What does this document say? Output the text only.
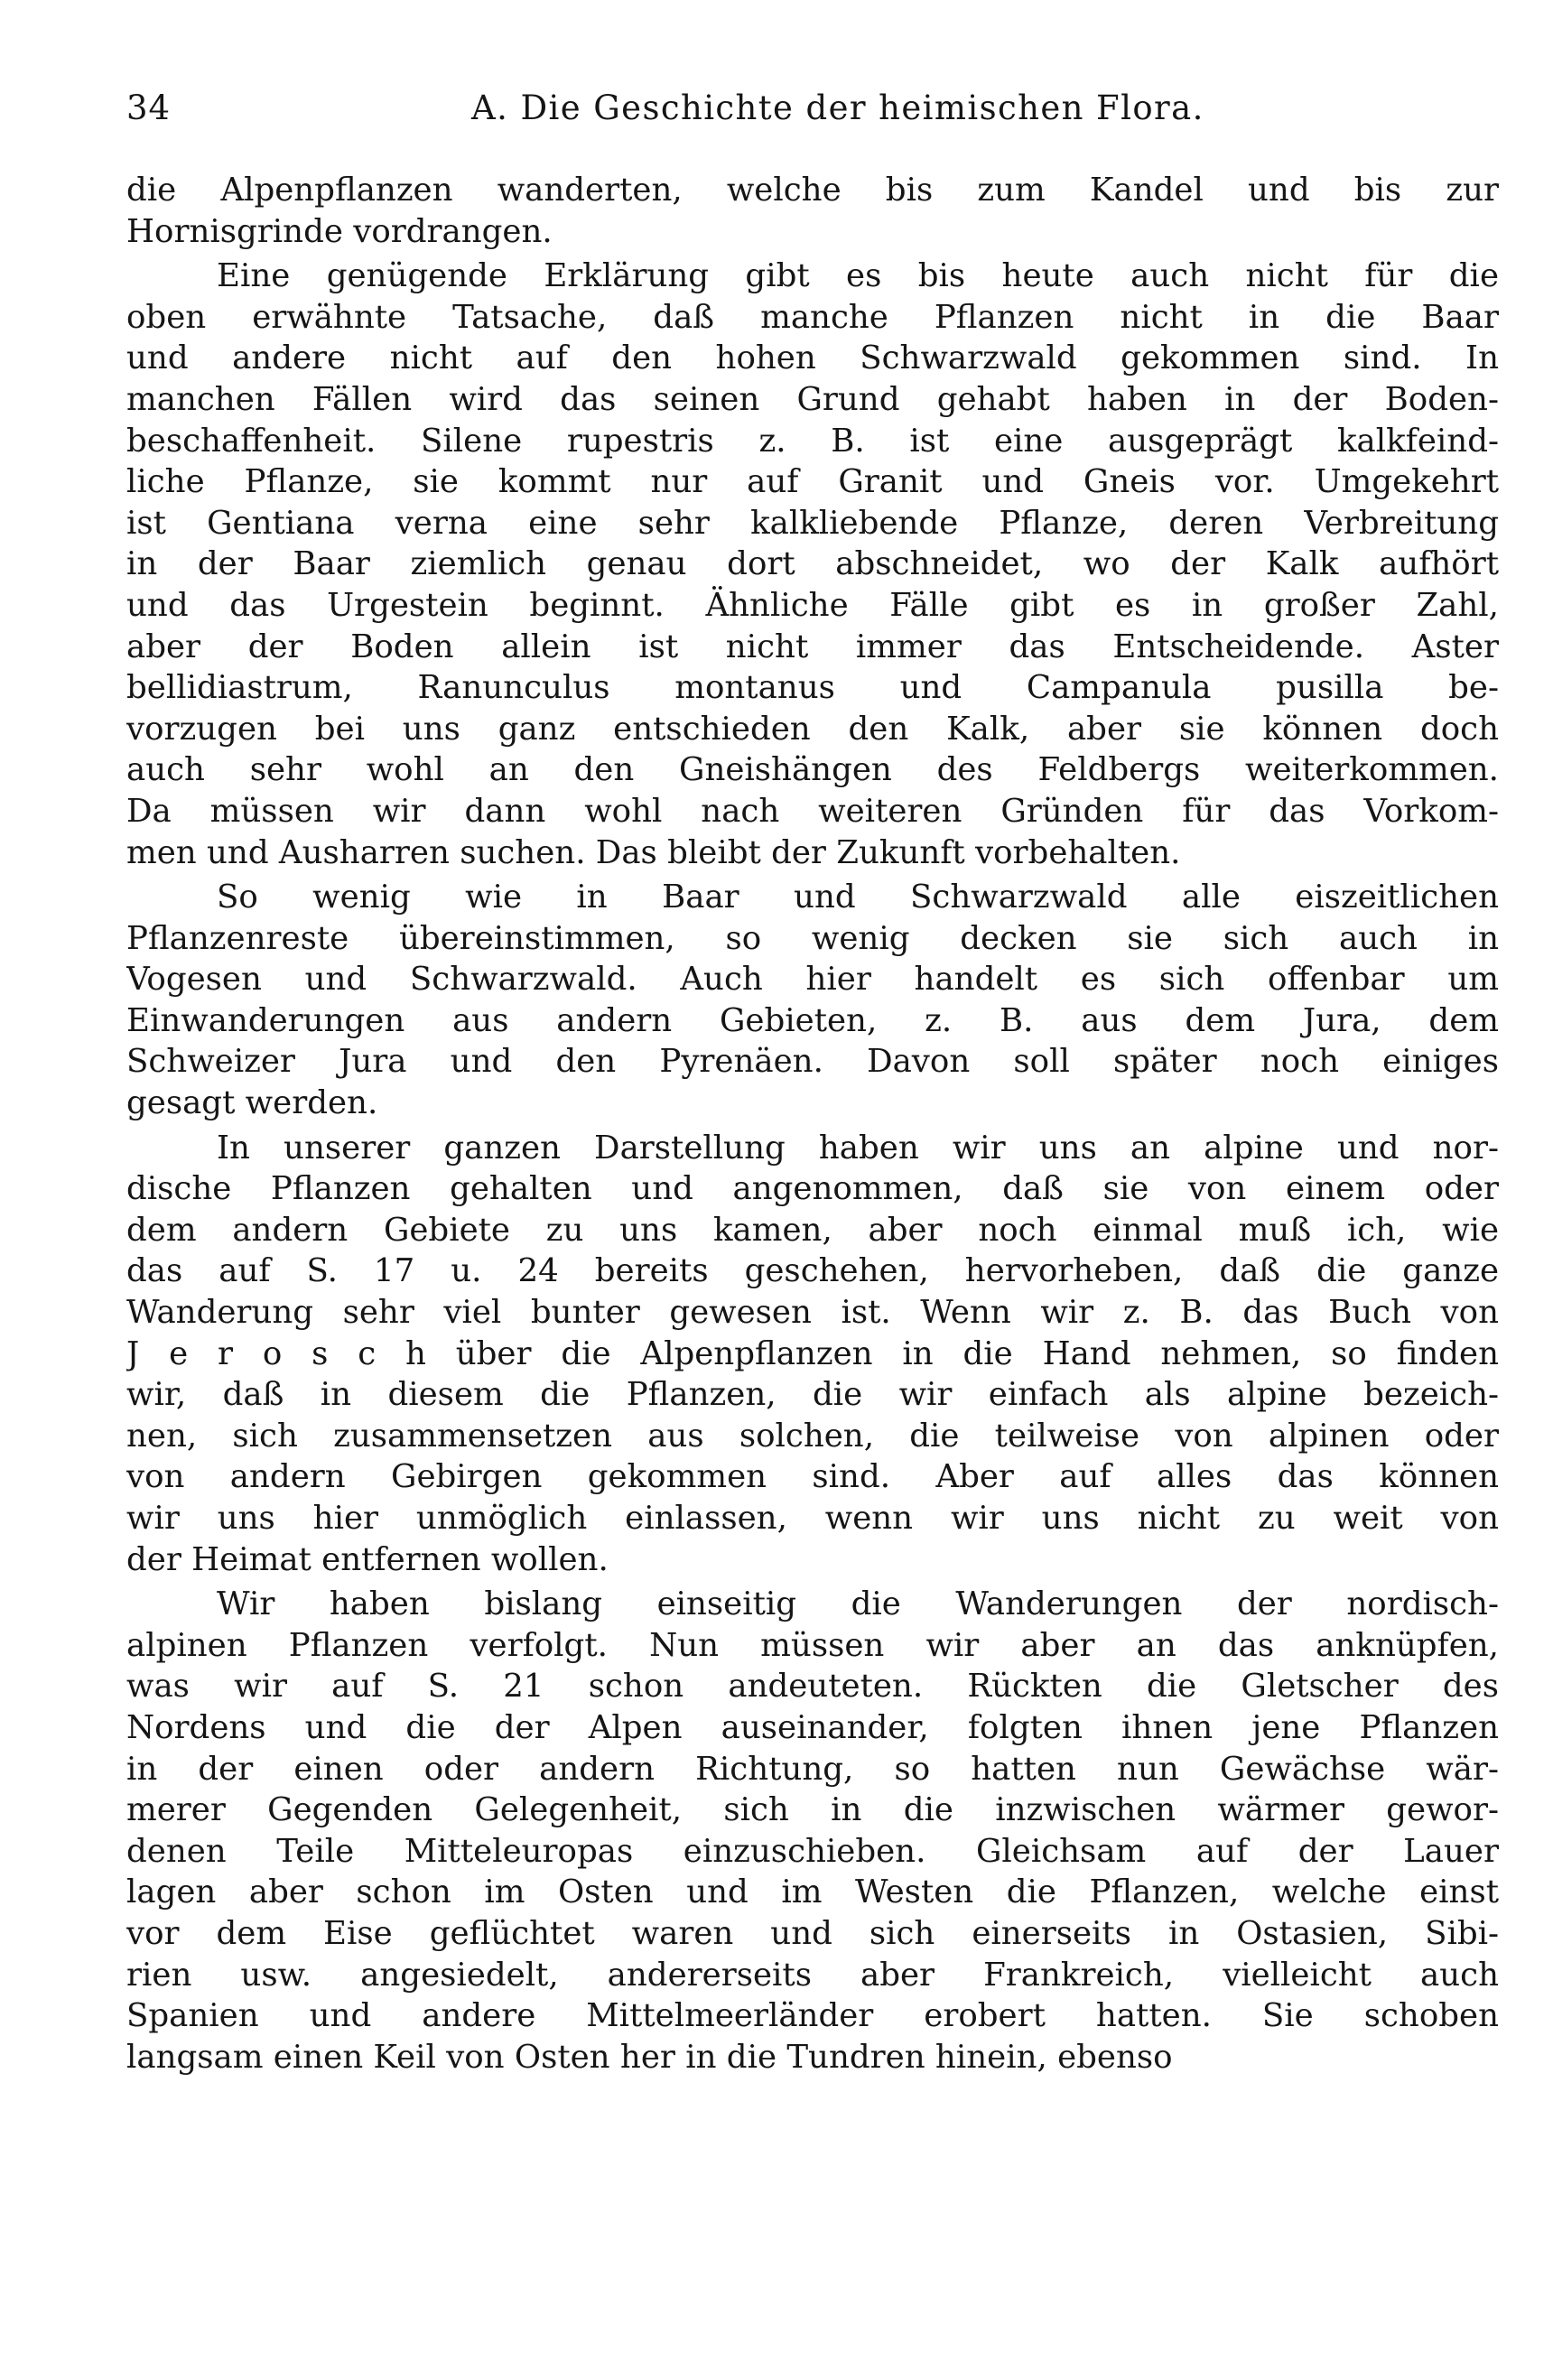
34	A. Die Geschichte der heimischen Flora.
die Alpenpflanzen wanderten, welche bis zum Kandel und bis zur
Hornisgrinde vordrangen.
Eine genügende Erklärung gibt es bis heute auch nicht für die
oben erwähnte Tatsache, daß manche Pflanzen nicht in die Baar
und andere nicht auf den hohen Schwarzwald gekommen sind. In
manchen Fällen wird das seinen Grund gehabt haben in der Boden-
beschaffenheit. Silene rupestris z. B. ist eine ausgeprägt kalkfeind-
liche Pflanze, sie kommt nur auf Granit und Gneis vor. Umgekehrt
ist Gentiana verna eine sehr kalkliebende Pflanze, deren Verbreitung
in der Baar ziemlich genau dort abschneidet, wo der Kalk aufhört
und das Urgestein beginnt. Ähnliche Fälle gibt es in großer Zahl,
aber der Boden allein ist nicht immer das Entscheidende. Aster
bellidiastrum, Ranunculus montanus und Campanula pusilla be-
vorzugen bei uns ganz entschieden den Kalk, aber sie können doch
auch sehr wohl an den Gneishängen des Feldbergs weiterkommen.
Da müssen wir dann wohl nach weiteren Gründen für das Vorkom-
men und Ausharren suchen. Das bleibt der Zukunft vorbehalten.
So wenig wie in Baar und Schwarzwald alle eiszeitlichen
Pflanzenreste übereinstimmen, so wenig decken sie sich auch in
Vogesen und Schwarzwald. Auch hier handelt es sich offenbar um
Einwanderungen aus andern Gebieten, z. B. aus dem Jura, dem
Schweizer Jura und den Pyrenäen. Davon soll später noch einiges
gesagt werden.
In unserer ganzen Darstellung haben wir uns an alpine und nor-
dische Pflanzen gehalten und angenommen, daß sie von einem oder
dem andern Gebiete zu uns kamen, aber noch einmal muß ich, wie
das auf S. 17 u. 24 bereits geschehen, hervorheben, daß die ganze
Wanderung sehr viel bunter gewesen ist. Wenn wir z. B. das Buch von
J e r o s c h über die Alpenpflanzen in die Hand nehmen, so finden
wir, daß in diesem die Pflanzen, die wir einfach als alpine bezeich-
nen, sich zusammensetzen aus solchen, die teilweise von alpinen oder
von andern Gebirgen gekommen sind. Aber auf alles das können
wir uns hier unmöglich einlassen, wenn wir uns nicht zu weit von
der Heimat entfernen wollen.
Wir haben bislang einseitig die Wanderungen der nordisch-
alpinen Pflanzen verfolgt. Nun müssen wir aber an das anknüpfen,
was wir auf S. 21 schon andeuteten. Rückten die Gletscher des
Nordens und die der Alpen auseinander, folgten ihnen jene Pflanzen
in der einen oder andern Richtung, so hatten nun Gewächse wär-
merer Gegenden Gelegenheit, sich in die inzwischen wärmer gewor-
denen Teile Mitteleuropas einzuschieben. Gleichsam auf der Lauer
lagen aber schon im Osten und im Westen die Pflanzen, welche einst
vor dem Eise geflüchtet waren und sich einerseits in Ostasien, Sibi-
rien usw. angesiedelt, andererseits aber Frankreich, vielleicht auch
Spanien und andere Mittelmeerländer erobert hatten. Sie schoben
langsam einen Keil von Osten her in die Tundren hinein, ebenso
